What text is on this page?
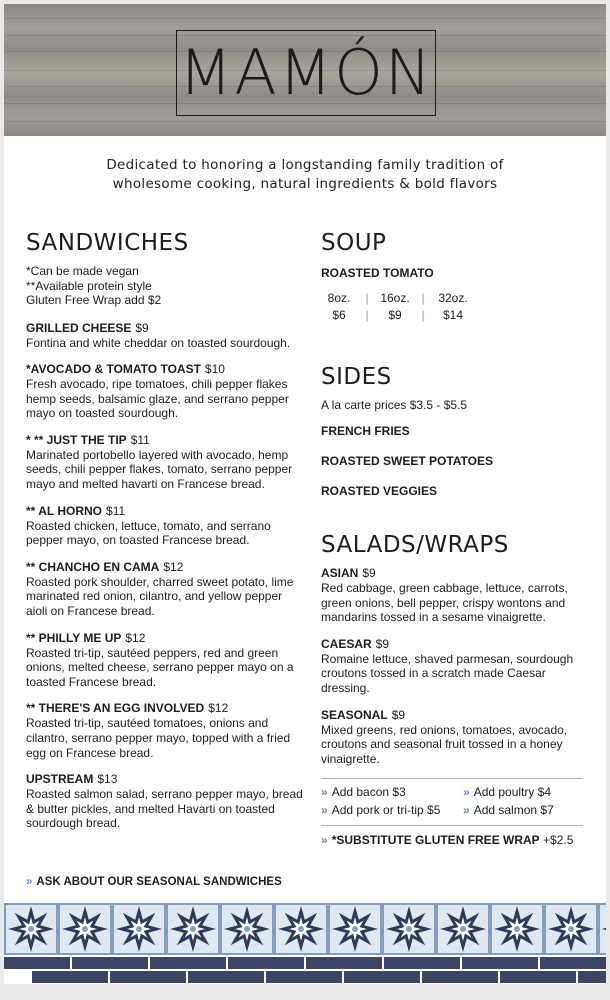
MAMÓN
Dedicated to honoring a longstanding family tradition of
wholesome cooking, natural ingredients & bold flavors
SANDWICHES
*Can be made vegan
**Available protein style
Gluten Free Wrap add $2
GRILLED CHEESE $9
Fontina and white cheddar on toasted sourdough.
*AVOCADO & TOMATO TOAST $10
Fresh avocado, ripe tomatoes, chili pepper flakes hemp seeds, balsamic glaze, and serrano pepper mayo on toasted sourdough.
* ** JUST THE TIP $11
Marinated portobello layered with avocado, hemp seeds, chili pepper flakes, tomato, serrano pepper mayo and melted havarti on Francese bread.
** AL HORNO $11
Roasted chicken, lettuce, tomato, and serrano pepper mayo, on toasted Francese bread.
** CHANCHO EN CAMA $12
Roasted pork shoulder, charred sweet potato, lime marinated red onion, cilantro, and yellow pepper aioli on Francese bread.
** PHILLY ME UP $12
Roasted tri-tip, sautéed peppers, red and green onions, melted cheese, serrano pepper mayo on a toasted Francese bread.
** THERE'S AN EGG INVOLVED $12
Roasted tri-tip, sautéed tomatoes, onions and cilantro, serrano pepper mayo, topped with a fried egg on Francese bread.
UPSTREAM $13
Roasted salmon salad, serrano pepper mayo, bread & butter pickles, and melted Havarti on toasted sourdough bread.
» ASK ABOUT OUR SEASONAL SANDWICHES
SOUP
ROASTED TOMATO
8oz.	| 16oz. |	32oz.
$6	|	$9	|	$14
SIDES
A la carte prices $3.5 - $5.5
FRENCH FRIES
ROASTED SWEET POTATOES
ROASTED VEGGIES
SALADS/WRAPS
ASIAN $9
Red cabbage, green cabbage, lettuce, carrots, green onions, bell pepper, crispy wontons and mandarins tossed in a sesame vinaigrette.
CAESAR $9
Romaine lettuce, shaved parmesan, sourdough croutons tossed in a scratch made Caesar dressing.
SEASONAL $9
Mixed greens, red onions, tomatoes, avocado, croutons and seasonal fruit tossed in a honey vinaigrette.
» Add bacon $3	» Add poultry $4
» Add pork or tri-tip $5	» Add salmon $7
» *SUBSTITUTE GLUTEN FREE WRAP +$2.5
